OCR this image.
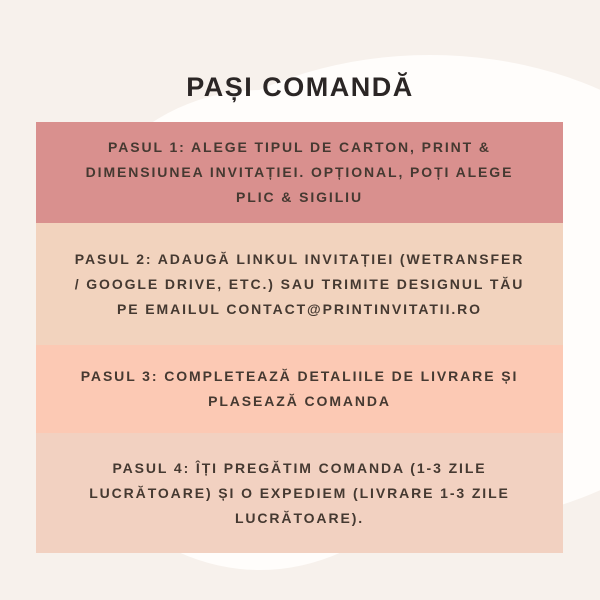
PAȘI COMANDĂ

PASUL 1: ALEGE TIPUL DE CARTON, PRINT & DIMENSIUNEA INVITAȚIEI. OPȚIONAL, POȚI ALEGE PLIC & SIGILIU

PASUL 2: ADAUGĂ LINKUL INVITAȚIEI (WETRANSFER / GOOGLE DRIVE, ETC.) SAU TRIMITE DESIGNUL TĂU PE EMAILUL CONTACT@PRINTINVITATII.RO

PASUL 3: COMPLETEAZĂ DETALIILE DE LIVRARE ȘI PLASEAZĂ COMANDA

PASUL 4: ÎȚI PREGĂTIM COMANDA (1-3 ZILE LUCRĂTOARE) ȘI O EXPEDIEM (LIVRARE 1-3 ZILE LUCRĂTOARE).
